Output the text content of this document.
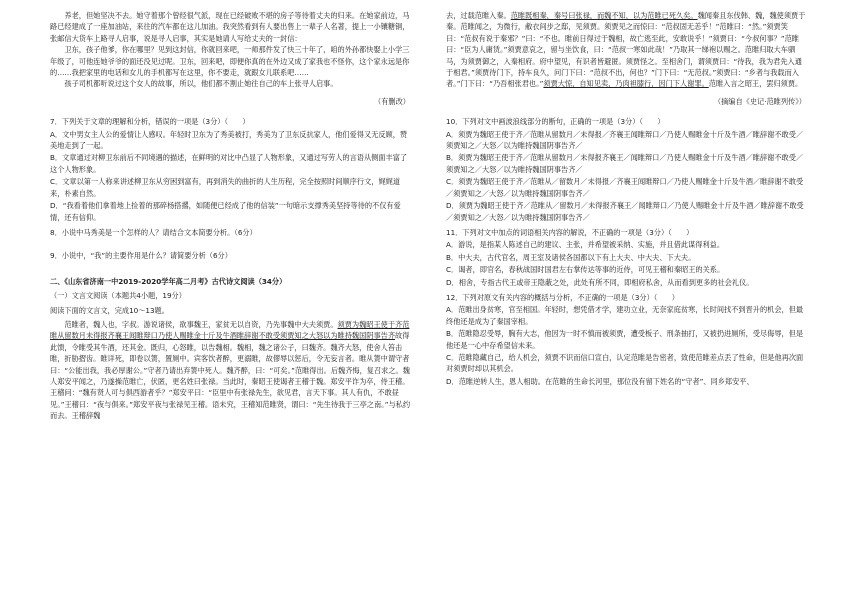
养老，但她坚决不去。她守着那个曾经很气派，现在已经破败不堪的房子等待着丈夫的归来。在她家前边，马路已经建成了一座加油站，来往的汽车都在这儿加油。我突然看到有人要出售上一辈子人名著，提上一小镶糖铜，张邮信大货车上路寻人启事，说是寻人启事，其实是她请人写给丈夫的一封信：

卫东，孩子他爹，你在哪里？见到这封信，你就回来吧，一师那件发了快三十年了，咱的外孙都快娶上小学三年级了，可他连她爷爷的面还没见过呢。卫东，回来吧，即便你真的在外边又成了家我也不怪你，这个家永远是你的……我把家里的电话和女儿的手机都写在这里，你不要走，就跟女儿联系吧……

孩子司机都听说过这个女人的故事，所以，他们都不割止她往自己的车上张寻人启事。

（有删改）

7．下列关于文章的理解和分析，错误的一项是（3分）（　　）

A．文中男女主人公的爱情让人感叹。年轻时卫东为了秀美被打，秀美为了卫东反抗家人，他们爱得又无反顾，赞美地走到了一起。

B．文章通过对柳卫东前后不同境遇的描述，在鲜明的对比中凸显了人物形象，又通过写劳人的言语从侧面丰富了这个人物形象。

C．文章以第一人称来讲述柳卫东从穷困到富有，再到消失的曲折的人生历程，完全按照时间顺序行文，娓娓道来，朴素自然。

D．“我看着他们拿着地上捡着的那碎杨搭撂，如随便已经成了他的信装”一句暗示支撑秀美坚持等待的不仅有爱情，还有信仰。

8．小说中马秀美是一个怎样的人？请结合文本简要分析。（6分）

9．小说中，“我”的主要作用是什么？请简要分析（6分）

二、《山东省济南一中2019-2020学年高二月考》古代诗文阅读（34分）

（一）文言文阅读（本题共4小题，19分）

阅读下面的文言文，完成10～13题。

范睢者，魏人也，字叔。游说诸侯，欲事魏王，家贫无以自资，乃先事魏中大夫须贾。须贾为魏昭王使于齐范睢从留数月未得报齐襄王闻睢辩口乃使人赐睢金十斤及牛酒睢辞谢不敢受须贾知之大怒以为睢持魏国阴事告齐故得此馈，令睢受其牛酒，还其金。既归，心怒睢，以告魏相。魏相，魏之诸公子，曰魏齐。魏齐大怒，使舍人笞击睢，折胁摺齿。睢详死，即卷以箦，置厕中。宾客饮者醉，更溺睢，故僇辱以惩后，令无妄言者。睢从箦中谓守者曰：“公能出我，我必厚谢公。”守者乃请出弃箦中死人。魏齐醉，曰：“可矣。”范睢得出。后魏齐悔，复召求之。魏人郑安平闻之，乃遂操范睢亡，伏匿，更名姓曰张禄。当此时，秦昭王使谒者王稽于魏。郑安平诈为卒，侍王稽。王稽问：“魏有贤人可与俱西游者乎？”郑安平曰：“臣里中有张禄先生，欲见君，言天下事。其人有仇，不敢昼见。”王稽曰：“夜与俱来。”郑安平夜与张禄见王稽。语未究，王稽知范睢贤，谓曰：“先生待我于三亭之南。”与私约而去。王稽辞魏

去，过载范睢入秦。范睢既相秦，秦号曰张禄，而魏不知，以为范睢已死久矣。魏闻秦且东伐韩、魏，魏使须贾于秦。范睢闻之，为微行，敝衣间步之邸，见须贾。须贾见之而惊曰：“范叔固无恙乎！”范睢曰：“然。”须贾笑曰：“范叔有说于秦邪？”曰：“不也。睢前日得过于魏相，故亡逃至此，安敢说乎！”须贾曰：“今叔何事？”范睢曰：“臣为人庸赁。”须贾意哀之，留与坐饮食，曰：“范叔一寒如此哉！”乃取其一绨袍以赐之。范睢归取大车驷马，为须贾御之，入秦相府。府中望见，有识者皆避匿。须贾怪之。至相舍门，谓须贾曰：“待我，我为君先入通于相君。”须贾待门下，持车良久，问门下曰：“范叔不出，何也？”门下曰：“无范叔。”须贾曰：“乡者与我载而入者。”门下曰：“乃吾相张君也。”须贾大惊，自知见卖，乃肉袒膝行，因门下人谢罪。范睢入言之昭王，罢归须贾。

（摘编自《史记·范睢列传》）

10．下列对文中画波浪线部分的断句，正确的一项是（3分）（　　）

A．须贾为魏昭王使于齐／范睢从留数月／未得报／齐襄王闻睢辩口／乃使人赐睢金十斤及牛酒／睢辞谢不敢受／须贾知之／大怒／以为睢持魏国阴事告齐／

B．须贾为魏昭王使于齐／范睢从留数月／未得报齐襄王／闻睢辩口／乃使人赐睢金十斤及牛酒／睢辞谢不敢受／须贾知之／大怒／以为睢持魏国阴事告齐／

C．须贾为魏昭王使于齐／范睢从／留数月／未得报／齐襄王闻睢辩口／乃使人赐睢金十斤及牛酒／睢辞谢不敢受／须贾知之／大怒／以为睢持魏国阴事告齐／

D．须贾为魏昭王使于齐／范睢从／留数月／未得报齐襄王／闻睢辩口／乃使人赐睢金十斤及牛酒／睢辞谢不敢受／须贾知之／大怒／以为睢持魏国阴事告齐／

11．下列对文中加点的词语相关内容的解说，不正确的一项是（3分）（　　）

A．游说，是指某人陈述自己的建议、主张，并希望被采纳、实施，并且借此谋得利益。

B．中大夫，古代官名，周王室及诸侯各国都以下有上大夫、中大夫、下大夫。

C．谒者，即官名，春秋战国时国君左右掌传达等事的近侍，可见王稽和秦昭王的关系。

D．相舍，专指古代王或帝王隐蔽之处，此处有所不同，即相府私舍，从而看到更多的社会礼仪。

12．下列对原文有关内容的概括与分析，不正确的一项是（3分）（　　）

A．范睢出身贫寒，官至相国。年轻时，想凭借才学，建功立业，无奈家庭贫寒，长时间找不到晋升的机会，但最终他还是成为了秦国宰相。

B．范睢隐忍受辱，胸有大志，他因为一时不慎而被须贾，遭受板子、刑条抽打，又被扔进厕所，受尽侮辱，但是他还是一心中存希望信未来。

C．范睢隐藏自己，给人机会，须贾不识而信口宣白，认定范睢是告密者，致使范睢差点丢了性命，但是他再次面对须贾时却以其机会。

D．范睢逆转人生，恩人相助。在范睢的生命长河里，那位没有留下姓名的“守者”、同乡郑安平、
